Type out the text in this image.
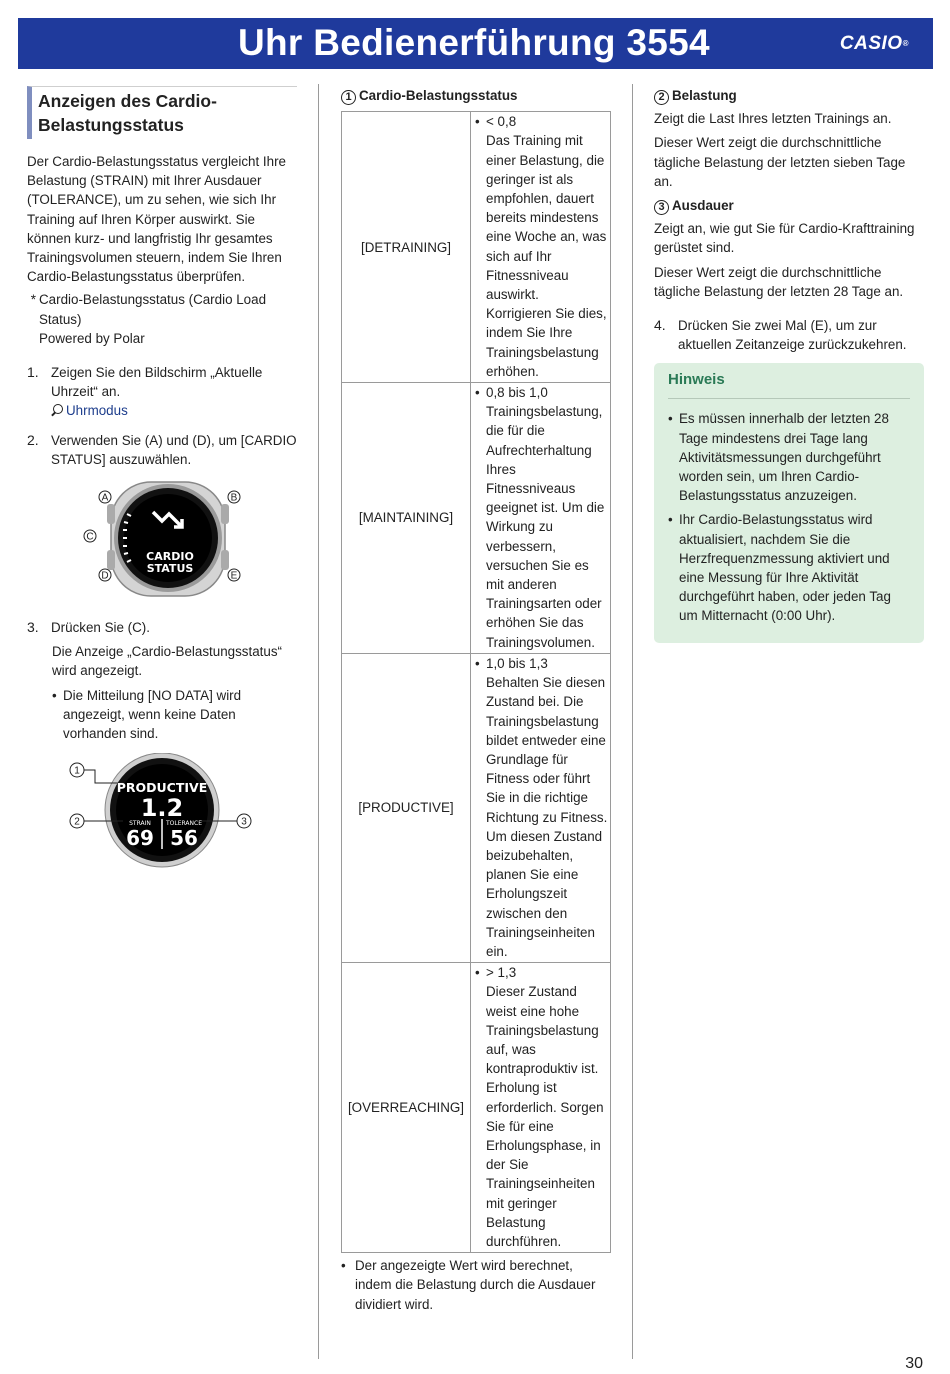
Uhr Bedienerführung 3554	CASIO®
Anzeigen des Cardio-Belastungsstatus

Der Cardio-Belastungsstatus vergleicht Ihre Belastung (STRAIN) mit Ihrer Ausdauer (TOLERANCE), um zu sehen, wie sich Ihr Training auf Ihren Körper auswirkt. Sie können kurz- und langfristig Ihr gesamtes Trainingsvolumen steuern, indem Sie Ihren Cardio-Belastungsstatus überprüfen.

* Cardio-Belastungsstatus (Cardio Load Status)

Powered by Polar

1. Zeigen Sie den Bildschirm „Aktuelle Uhrzeit“ an.

Uhrmodus

2. Verwenden Sie (A) und (D), um [CARDIO STATUS] auszuwählen.

A	B
C
D	E
CARDIO
STATUS
3. Drücken Sie (C).

Die Anzeige „Cardio-Belastungsstatus“ wird angezeigt.

• Die Mitteilung [NO DATA] wird angezeigt, wenn keine Daten vorhanden sind.

1
2	3
PRODUCTIVE
1.2
STRAIN	TOLERANCE
69 56

1 Cardio-Belastungsstatus

[DETRAINING]	• < 0,8

Das Training mit einer Belastung, die geringer ist als empfohlen, dauert bereits mindestens eine Woche an, was sich auf Ihr Fitnessniveau auswirkt. Korrigieren Sie dies, indem Sie Ihre Trainingsbelastung erhöhen.

[MAINTAINING]	• 0,8 bis 1,0

Trainingsbelastung, die für die Aufrechterhaltung Ihres Fitnessniveaus geeignet ist. Um die Wirkung zu verbessern, versuchen Sie es mit anderen Trainingsarten oder erhöhen Sie das Trainingsvolumen.

[PRODUCTIVE]	• 1,0 bis 1,3

Behalten Sie diesen Zustand bei. Die Trainingsbelastung bildet entweder eine Grundlage für Fitness oder führt Sie in die richtige Richtung zu Fitness. Um diesen Zustand beizubehalten, planen Sie eine Erholungszeit zwischen den Trainingseinheiten ein.

[OVERREACHING]	• > 1,3

Dieser Zustand weist eine hohe Trainingsbelastung auf, was kontraproduktiv ist. Erholung ist erforderlich. Sorgen Sie für eine Erholungsphase, in der Sie Trainingseinheiten mit geringer Belastung durchführen.

• Der angezeigte Wert wird berechnet, indem die Belastung durch die Ausdauer dividiert wird.

2 Belastung

Zeigt die Last Ihres letzten Trainings an.

Dieser Wert zeigt die durchschnittliche tägliche Belastung der letzten sieben Tage an.

3 Ausdauer

Zeigt an, wie gut Sie für Cardio-Krafttraining gerüstet sind.

Dieser Wert zeigt die durchschnittliche tägliche Belastung der letzten 28 Tage an.

4. Drücken Sie zwei Mal (E), um zur aktuellen Zeitanzeige zurückzukehren.

Hinweis
• Es müssen innerhalb der letzten 28 Tage mindestens drei Tage lang Aktivitätsmessungen durchgeführt worden sein, um Ihren Cardio-Belastungsstatus anzuzeigen.

• Ihr Cardio-Belastungsstatus wird aktualisiert, nachdem Sie die Herzfrequenzmessung aktiviert und eine Messung für Ihre Aktivität durchgeführt haben, oder jeden Tag um Mitternacht (0:00 Uhr).

30
